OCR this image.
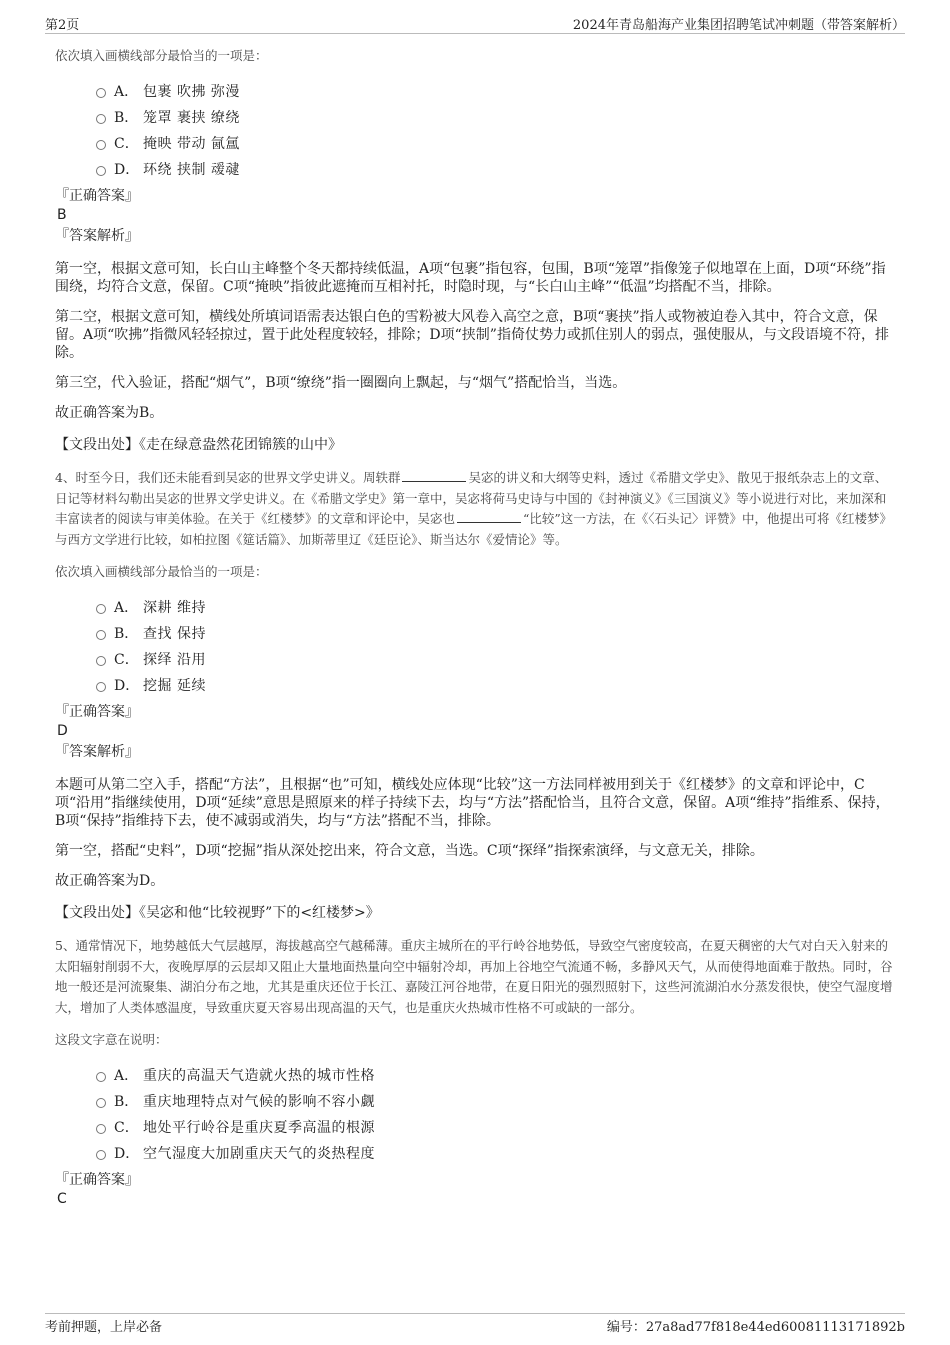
第2页	2024年青岛船海产业集团招聘笔试冲刺题（带答案解析）
依次填入画横线部分最恰当的一项是：
A． 包裹 吹拂 弥漫
B． 笼罩 裹挟 缭绕
C． 掩映 带动 氤氲
D． 环绕 挟制 叆叇
『正确答案』
B
『答案解析』
第一空，根据文意可知，长白山主峰整个冬天都持续低温，A项“包裹”指包容，包围，B项“笼罩”指像笼子似地罩在上面，D项“环绕”指围绕，均符合文意，保留。C项“掩映”指彼此遮掩而互相衬托，时隐时现，与“长白山主峰”“低温”均搭配不当，排除。
第二空，根据文意可知，横线处所填词语需表达银白色的雪粉被大风卷入高空之意，B项“裹挟”指人或物被迫卷入其中，符合文意，保留。A项“吹拂”指微风轻轻掠过，置于此处程度较轻，排除；D项“挟制”指倚仗势力或抓住别人的弱点，强使服从，与文段语境不符，排除。
第三空，代入验证，搭配“烟气”，B项“缭绕”指一圈圈向上飘起，与“烟气”搭配恰当，当选。
故正确答案为B。
【文段出处】《走在绿意盎然花团锦簇的山中》
4、时至今日，我们还未能看到吴宓的世界文学史讲义。周轶群	吴宓的讲义和大纲等史料，透过《希腊文学史》、散见于报纸杂志上的文章、日记等材料勾勒出吴宓的世界文学史讲义。在《希腊文学史》第一章中，吴宓将荷马史诗与中国的《封神演义》《三国演义》等小说进行对比，来加深和丰富读者的阅读与审美体验。在关于《红楼梦》的文章和评论中，吴宓也	“比较”这一方法，在《〈石头记〉评赞》中，他提出可将《红楼梦》与西方文学进行比较，如柏拉图《筵话篇》、加斯蒂里辽《廷臣论》、斯当达尔《爱情论》等。
依次填入画横线部分最恰当的一项是：
A． 深耕 维持
B． 查找 保持
C． 探绎 沿用
D． 挖掘 延续
『正确答案』
D
『答案解析』
本题可从第二空入手，搭配“方法”，且根据“也”可知，横线处应体现“比较”这一方法同样被用到关于《红楼梦》的文章和评论中，C项“沿用”指继续使用，D项“延续”意思是照原来的样子持续下去，均与“方法”搭配恰当，且符合文意，保留。A项“维持”指维系、保持，B项“保持”指维持下去，使不减弱或消失，均与“方法”搭配不当，排除。
第一空，搭配“史料”，D项“挖掘”指从深处挖出来，符合文意，当选。C项“探绎”指探索演绎，与文意无关，排除。
故正确答案为D。
【文段出处】《吴宓和他“比较视野”下的<红楼梦>》
5、通常情况下，地势越低大气层越厚，海拔越高空气越稀薄。重庆主城所在的平行岭谷地势低，导致空气密度较高，在夏天稠密的大气对白天入射来的太阳辐射削弱不大，夜晚厚厚的云层却又阻止大量地面热量向空中辐射冷却，再加上谷地空气流通不畅，多静风天气，从而使得地面难于散热。同时，谷地一般还是河流聚集、湖泊分布之地，尤其是重庆还位于长江、嘉陵江河谷地带，在夏日阳光的强烈照射下，这些河流湖泊水分蒸发很快，使空气湿度增大，增加了人类体感温度，导致重庆夏天容易出现高温的天气，也是重庆火热城市性格不可或缺的一部分。
这段文字意在说明：
A． 重庆的高温天气造就火热的城市性格
B． 重庆地理特点对气候的影响不容小觑
C． 地处平行岭谷是重庆夏季高温的根源
D． 空气湿度大加剧重庆天气的炎热程度
『正确答案』
C
考前押题，上岸必备	编号：27a8ad77f818e44ed60081113171892b
